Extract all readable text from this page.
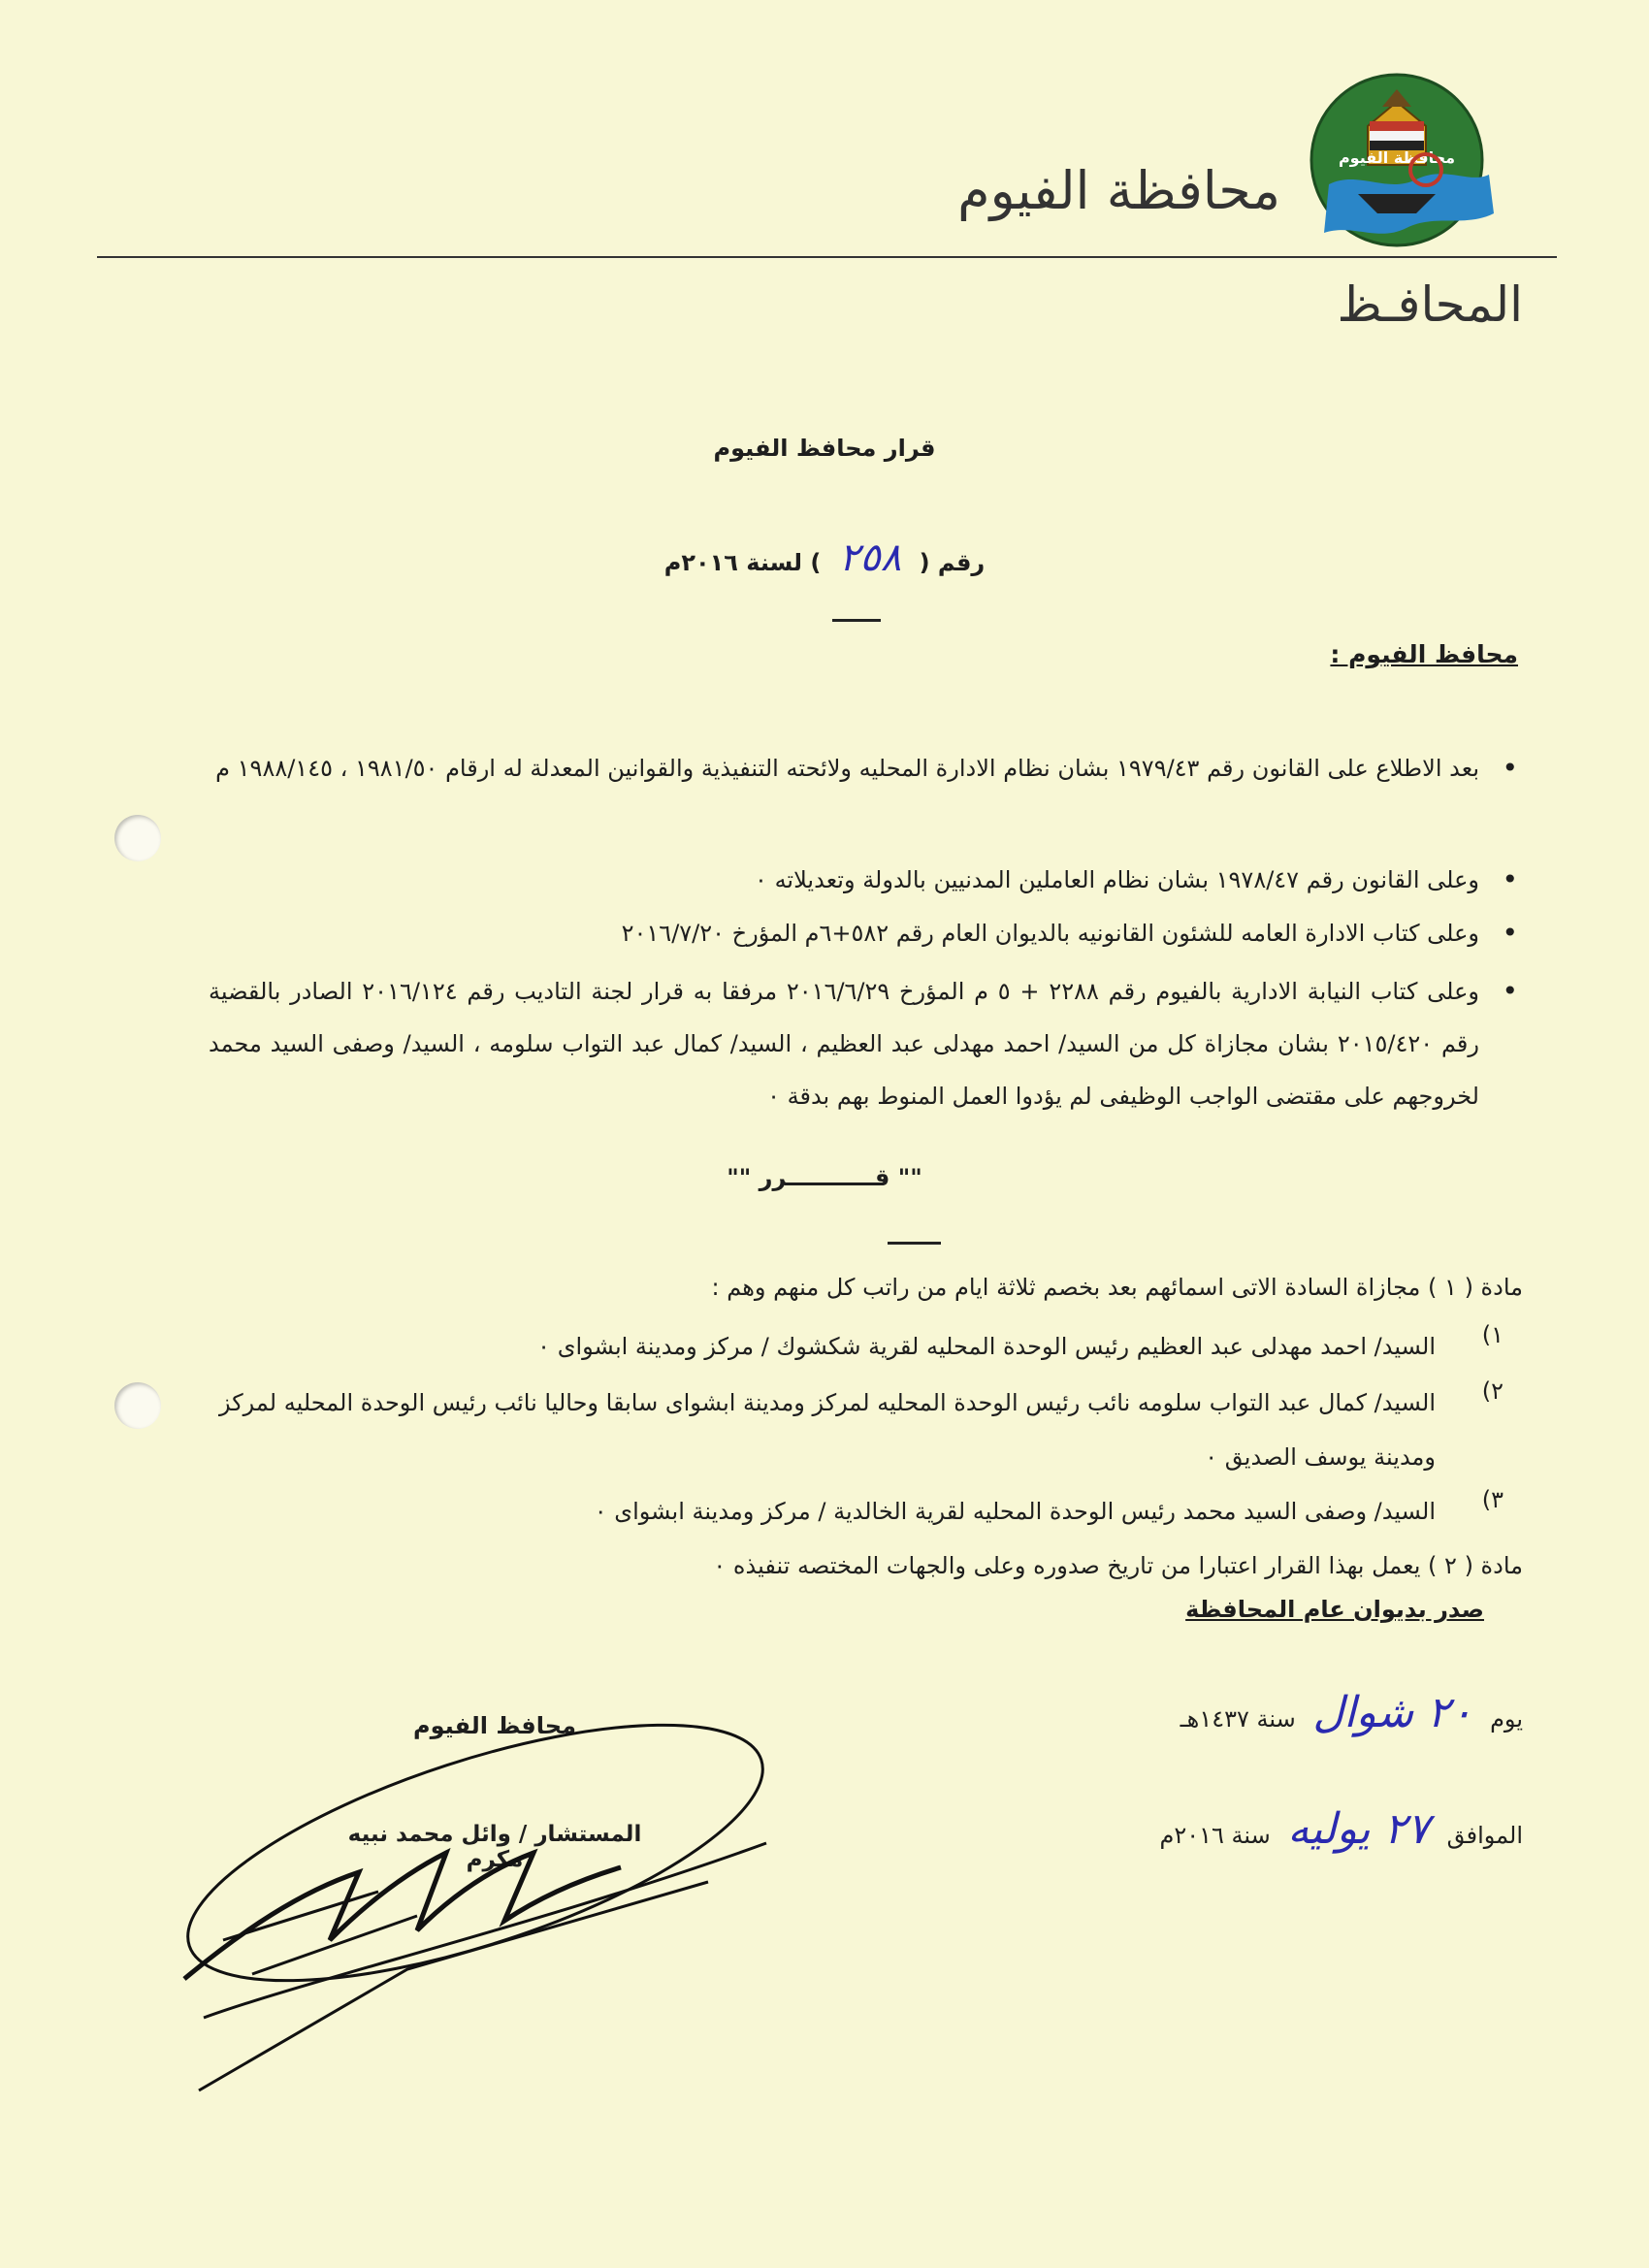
محافظة الفيوم
محافظة الفيوم
المحافـظ
قرار محافظ الفيوم
رقم ( ٢٥٨ ) لسنة ٢٠١٦م
محافظ الفيوم :
• بعد الاطلاع على القانون رقم ١٩٧٩/٤٣ بشان نظام الادارة المحليه ولائحته التنفيذية والقوانين المعدلة له ارقام ١٩٨١/٥٠ ، ١٩٨٨/١٤٥ م
• وعلى القانون رقم ١٩٧٨/٤٧ بشان نظام العاملين المدنيين بالدولة وتعديلاته ٠
• وعلى كتاب الادارة العامه للشئون القانونيه بالديوان العام رقم ٥٨٢+٦م المؤرخ ٢٠١٦/٧/٢٠
• وعلى كتاب النيابة الادارية بالفيوم رقم ٢٢٨٨ + ٥ م المؤرخ ٢٠١٦/٦/٢٩ مرفقا به قرار لجنة التاديب رقم ٢٠١٦/١٢٤ الصادر بالقضية رقم ٢٠١٥/٤٢٠ بشان مجازاة كل من السيد/ احمد مهدلى عبد العظيم ، السيد/ كمال عبد التواب سلومه ، السيد/ وصفى السيد محمد لخروجهم على مقتضى الواجب الوظيفى لم يؤدوا العمل المنوط بهم بدقة ٠
"" قـــــــــــرر ""
مادة ( ١ ) مجازاة السادة الاتى اسمائهم بعد بخصم ثلاثة ايام من راتب كل منهم وهم :
١)
السيد/ احمد مهدلى عبد العظيم رئيس الوحدة المحليه لقرية شكشوك / مركز ومدينة ابشواى ٠
٢)
السيد/ كمال عبد التواب سلومه نائب رئيس الوحدة المحليه لمركز ومدينة ابشواى سابقا وحاليا نائب رئيس الوحدة المحليه لمركز ومدينة يوسف الصديق ٠
٣)
السيد/ وصفى السيد محمد رئيس الوحدة المحليه لقرية الخالدية / مركز ومدينة ابشواى ٠
مادة ( ٢ ) يعمل بهذا القرار اعتبارا من تاريخ صدوره وعلى والجهات المختصه تنفيذه ٠
صدر بديوان عام المحافظة
يوم ٢٠ شوال سنة ١٤٣٧هـ
الموافق ٢٧ يوليه سنة ٢٠١٦م
محافظ الفيوم
المستشار / وائل محمد نبيه مكرم
